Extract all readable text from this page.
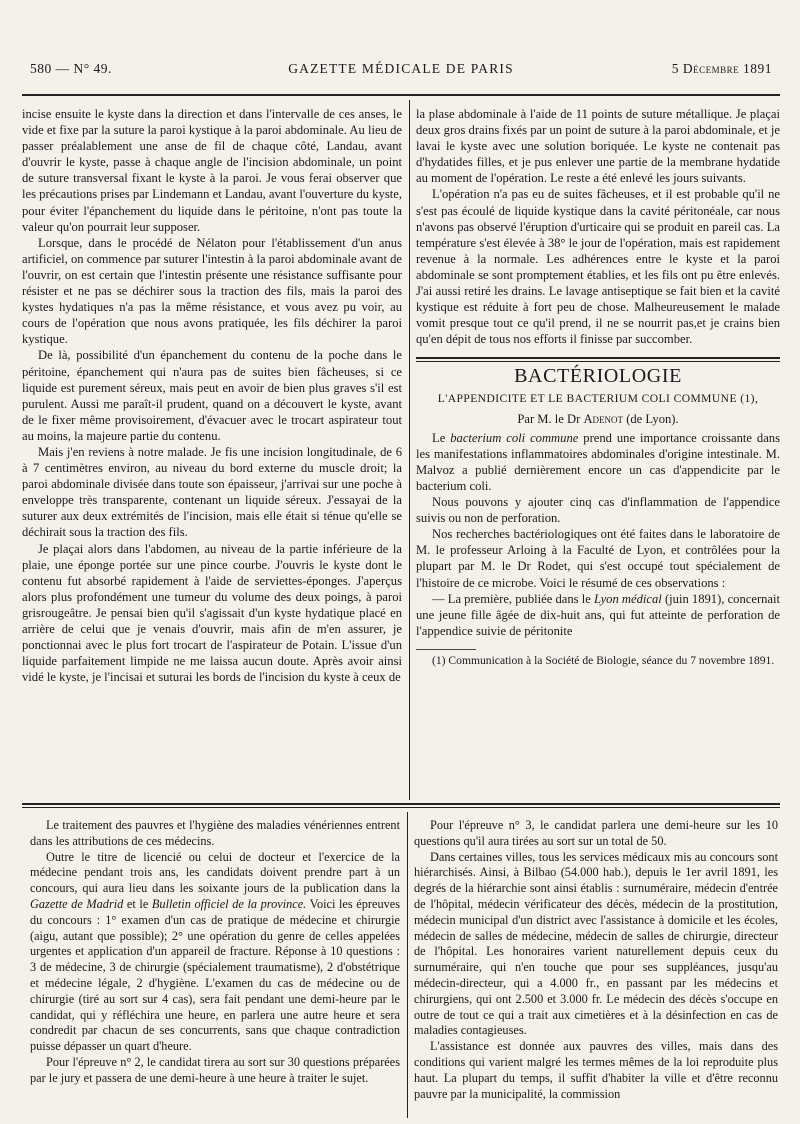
580 — N° 49.	GAZETTE MÉDICALE DE PARIS	5 Décembre 1891

incise ensuite le kyste dans la direction et dans l'intervalle de ces anses, le vide et fixe par la suture la paroi kystique à la paroi abdominale. Au lieu de passer préalablement une anse de fil de chaque côté, Landau, avant d'ouvrir le kyste, passe à chaque angle de l'incision abdominale, un point de suture transversal fixant le kyste à la paroi. Je vous ferai observer que les précautions prises par Lindemann et Landau, avant l'ouverture du kyste, pour éviter l'épanchement du liquide dans le péritoine, n'ont pas toute la valeur qu'on pourrait leur supposer.

Lorsque, dans le procédé de Nélaton pour l'établissement d'un anus artificiel, on commence par suturer l'intestin à la paroi abdominale avant de l'ouvrir, on est certain que l'intestin présente une résistance suffisante pour résister et ne pas se déchirer sous la traction des fils, mais la paroi des kystes hydatiques n'a pas la même résistance, et vous avez pu voir, au cours de l'opération que nous avons pratiquée, les fils déchirer la paroi kystique.

De là, possibilité d'un épanchement du contenu de la poche dans le péritoine, épanchement qui n'aura pas de suites bien fâcheuses, si ce liquide est purement séreux, mais peut en avoir de bien plus graves s'il est purulent. Aussi me paraît-il prudent, quand on a découvert le kyste, avant de le fixer même provisoirement, d'évacuer avec le trocart aspirateur tout au moins, la majeure partie du contenu.

Mais j'en reviens à notre malade. Je fis une incision longitudinale, de 6 à 7 centimètres environ, au niveau du bord externe du muscle droit; la paroi abdominale divisée dans toute son épaisseur, j'arrivai sur une poche à enveloppe très transparente, contenant un liquide séreux. J'essayai de la suturer aux deux extrémités de l'incision, mais elle était si ténue qu'elle se déchirait sous la traction des fils.

Je plaçai alors dans l'abdomen, au niveau de la partie inférieure de la plaie, une éponge portée sur une pince courbe. J'ouvris le kyste dont le contenu fut absorbé rapidement à l'aide de serviettes-éponges. J'aperçus alors plus profondément une tumeur du volume des deux poings, à paroi grisrougeâtre. Je pensai bien qu'il s'agissait d'un kyste hydatique placé en arrière de celui que je venais d'ouvrir, mais afin de m'en assurer, je ponctionnai avec le plus fort trocart de l'aspirateur de Potain. L'issue d'un liquide parfaitement limpide ne me laissa aucun doute. Après avoir ainsi vidé le kyste, je l'incisai et suturai les bords de l'incision du kyste à ceux de

la plase abdominale à l'aide de 11 points de suture métallique. Je plaçai deux gros drains fixés par un point de suture à la paroi abdominale, et je lavai le kyste avec une solution boriquée. Le kyste ne contenait pas d'hydatides filles, et je pus enlever une partie de la membrane hydatide au moment de l'opération. Le reste a été enlevé les jours suivants.

L'opération n'a pas eu de suites fâcheuses, et il est probable qu'il ne s'est pas écoulé de liquide kystique dans la cavité péritonéale, car nous n'avons pas observé l'éruption d'urticaire qui se produit en pareil cas. La température s'est élevée à 38° le jour de l'opération, mais est rapidement revenue à la normale. Les adhérences entre le kyste et la paroi abdominale se sont promptement établies, et les fils ont pu être enlevés. J'ai aussi retiré les drains. Le lavage antiseptique se fait bien et la cavité kystique est réduite à fort peu de chose. Malheureusement le malade vomit presque tout ce qu'il prend, il ne se nourrit pas,et je crains bien qu'en dépit de tous nos efforts il finisse par succomber.

BACTÉRIOLOGIE
L'APPENDICITE ET LE BACTERIUM COLI COMMUNE (1),
Par M. le Dr Adenot (de Lyon).

Le bacterium coli commune prend une importance croissante dans les manifestations inflammatoires abdominales d'origine intestinale. M. Malvoz a publié dernièrement encore un cas d'appendicite par le bacterium coli.

Nous pouvons y ajouter cinq cas d'inflammation de l'appendice suivis ou non de perforation.

Nos recherches bactériologiques ont été faites dans le laboratoire de M. le professeur Arloing à la Faculté de Lyon, et contrôlées pour la plupart par M. le Dr Rodet, qui s'est occupé tout spécialement de l'histoire de ce microbe. Voici le résumé de ces observations :

— La première, publiée dans le Lyon médical (juin 1891), concernait une jeune fille âgée de dix-huit ans, qui fut atteinte de perforation de l'appendice suivie de péritonite

(1) Communication à la Société de Biologie, séance du 7 novembre 1891.

Le traitement des pauvres et l'hygiène des maladies vénériennes entrent dans les attributions de ces médecins.

Outre le titre de licencié ou celui de docteur et l'exercice de la médecine pendant trois ans, les candidats doivent prendre part à un concours, qui aura lieu dans les soixante jours de la publication dans la Gazette de Madrid et le Bulletin officiel de la province. Voici les épreuves du concours : 1° examen d'un cas de pratique de médecine et chirurgie (aigu, autant que possible); 2° une opération du genre de celles appelées urgentes et application d'un appareil de fracture. Réponse à 10 questions : 3 de médecine, 3 de chirurgie (spécialement traumatisme), 2 d'obstétrique et médecine légale, 2 d'hygiène. L'examen du cas de médecine ou de chirurgie (tiré au sort sur 4 cas), sera fait pendant une demi-heure par le candidat, qui y réfléchira une heure, en parlera une autre heure et sera condredit par chacun de ses concurrents, sans que chaque contradiction puisse dépasser un quart d'heure.

Pour l'épreuve n° 2, le candidat tirera au sort sur 30 questions préparées par le jury et passera de une demi-heure à une heure à traiter le sujet.

Pour l'épreuve n° 3, le candidat parlera une demi-heure sur les 10 questions qu'il aura tirées au sort sur un total de 50.

Dans certaines villes, tous les services médicaux mis au concours sont hiérarchisés. Ainsi, à Bilbao (54.000 hab.), depuis le 1er avril 1891, les degrés de la hiérarchie sont ainsi établis : surnuméraire, médecin d'entrée de l'hôpital, médecin vérificateur des décès, médecin de la prostitution, médecin municipal d'un district avec l'assistance à domicile et les écoles, médecin de salles de médecine, médecin de salles de chirurgie, directeur de l'hôpital. Les honoraires varient naturellement depuis ceux du surnuméraire, qui n'en touche que pour ses suppléances, jusqu'au médecin-directeur, qui a 4.000 fr., en passant par les médecins et chirurgiens, qui ont 2.500 et 3.000 fr. Le médecin des décès s'occupe en outre de tout ce qui a trait aux cimetières et à la désinfection en cas de maladies contagieuses.

L'assistance est donnée aux pauvres des villes, mais dans des conditions qui varient malgré les termes mêmes de la loi reproduite plus haut. La plupart du temps, il suffit d'habiter la ville et d'être reconnu pauvre par la municipalité, la commission
